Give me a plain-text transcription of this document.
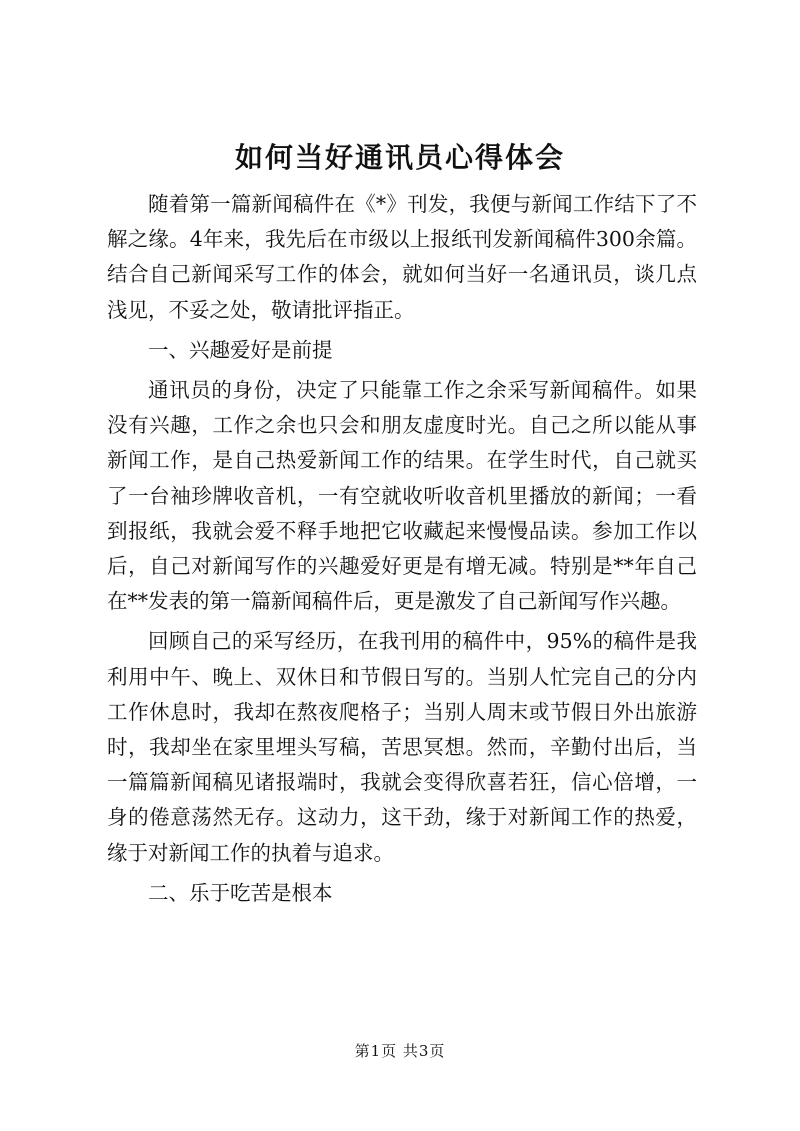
如何当好通讯员心得体会

随着第一篇新闻稿件在《*》刊发，我便与新闻工作结下了不解之缘。4年来，我先后在市级以上报纸刊发新闻稿件300余篇。结合自己新闻采写工作的体会，就如何当好一名通讯员，谈几点浅见，不妥之处，敬请批评指正。

一、兴趣爱好是前提

通讯员的身份，决定了只能靠工作之余采写新闻稿件。如果没有兴趣，工作之余也只会和朋友虚度时光。自己之所以能从事新闻工作，是自己热爱新闻工作的结果。在学生时代，自己就买了一台袖珍牌收音机，一有空就收听收音机里播放的新闻；一看到报纸，我就会爱不释手地把它收藏起来慢慢品读。参加工作以后，自己对新闻写作的兴趣爱好更是有增无减。特别是**年自己在**发表的第一篇新闻稿件后，更是激发了自己新闻写作兴趣。

回顾自己的采写经历，在我刊用的稿件中，95%的稿件是我利用中午、晚上、双休日和节假日写的。当别人忙完自己的分内工作休息时，我却在熬夜爬格子；当别人周末或节假日外出旅游时，我却坐在家里埋头写稿，苦思冥想。然而，辛勤付出后，当一篇篇新闻稿见诸报端时，我就会变得欣喜若狂，信心倍增，一身的倦意荡然无存。这动力，这干劲，缘于对新闻工作的热爱，缘于对新闻工作的执着与追求。

二、乐于吃苦是根本

第1页 共3页
